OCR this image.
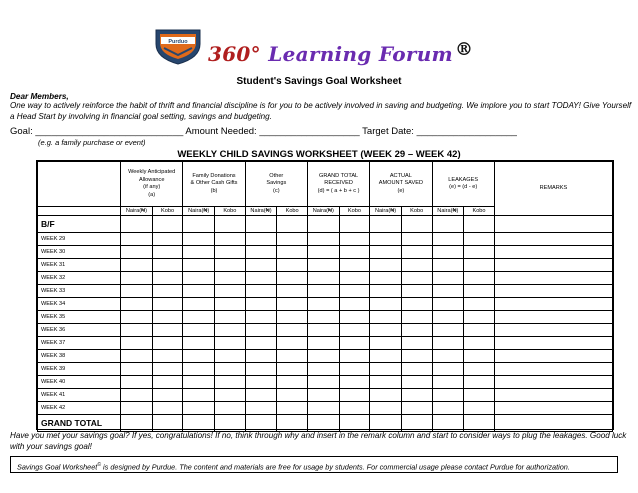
Purduo 360° Learning Forum ®
Student's Savings Goal Worksheet
Dear Members,
One way to actively reinforce the habit of thrift and financial discipline is for you to be actively involved in saving and budgeting. We implore you to start TODAY! Give Yourself a Head Start by involving in financial goal setting, savings and budgeting.
Goal: ____________________________ Amount Needed: ___________________ Target Date: ___________________
(e.g. a family purchase or event)
WEEKLY CHILD SAVINGS WORKSHEET (WEEK 29 – WEEK 42)
	Weekly Anticipated
Allowance
(if any)
(a)		Family Donations
& Other Cash Gifts
(b)		Other
Savings
(c)		GRAND TOTAL
RECEIVED
(d) = ( a + b + c )		ACTUAL
AMOUNT SAVED
(e)		LEAKAGES
(e) = (d - e)		REMARKS
	Naira(₦)	Kobo	Naira(₦)	Kobo	Naira(₦)	Kobo	Naira(₦)	Kobo	Naira(₦)	Kobo	Naira(₦)	Kobo	
B/F													
WEEK 29													
WEEK 30													
WEEK 31													
WEEK 32													
WEEK 33													
WEEK 34													
WEEK 35													
WEEK 36													
WEEK 37													
WEEK 38													
WEEK 39													
WEEK 40													
WEEK 41													
WEEK 42													
GRAND TOTAL													
Have you met your savings goal? If yes, congratulations! If no, think through why and insert in the remark column and start to consider ways to plug the leakages. Good luck with your savings goal!
Savings Goal Worksheet© is designed by Purdue. The content and materials are free for usage by students. For commercial usage please contact Purdue for authorization.
